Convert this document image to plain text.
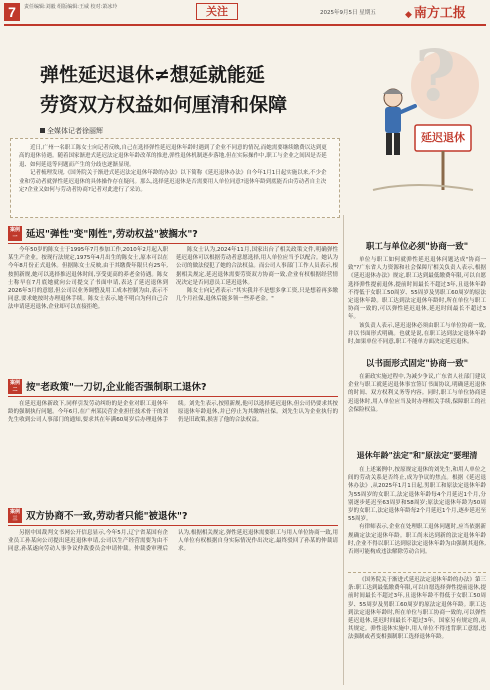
7	责任编辑:刘毅 组版编辑:王威 校对:萧冰玲	关注	2025年9月5日 星期五	◆ 南方工报
弹性延迟退休≠想延就能延
劳资双方权益如何厘清和保障
全媒体记者徐丽辉
?
延迟退休

近日,广州一名职工陈女士向记者反映,自己在选择弹性延迟退休年龄时遇到了企业不同意的情况,而她需要继续缴费以达到更高的退休待遇。随着国家渐进式延迟法定退休年龄改革的推进,弹性退休机制逐步落地,但在实际操作中,职工与企业之间因是否延退、如何延退等问题而产生的分歧也逐渐显现。

记者梳理发现,《国务院关于渐进式延迟法定退休年龄的办法》以下简称《延迟退休办法》自今年1月1日起实施以来,不少企业和劳动者就弹性延迟退休的具体操作存在疑问。那么,选择延迟退休是否需要用人单位同意?退休年龄到底能否由劳动者自主决定?企业又如何与劳动者协商?记者对此进行了采访。

案例一 延迟"弹性"变"刚性",劳动权益"被搁水"?

今年50岁的陈女士于1995年7月参加工作,2010年2月起入职某生产企业。按现行法规定,1975年4月出生的陈女士,原本可以在今年8月份正式退休。但据陈女士反映,由于其缴费年限只有25年,按照新规,她可以选择推迟退休时间,享受更高的养老金待遇。陈女士称早在7月底她就向公司提交了书面申请,表达了延迟退休到2026年3月的意愿,但公司以业务调整及用工成本控制为由,表示不同意,要求她按时办理退休手续。陈女士表示,她不明白为何自己合法申请延迟退休,企业却可以直接拒绝。

陈女士认为,2024年11月,国家出台了相关政策文件,明确弹性延迟退休可以根据劳动者意愿选择,用人单位应当予以配合。她认为公司的做法侵犯了她的合法权益。而公司人事部门工作人员表示,根据相关规定,延迟退休需要劳资双方协商一致,企业有权根据经营情况决定是否同意员工延迟退休。

陈女士向记者表示:"其实我并不是想多拿工资,只是想着再多缴几个月社保,退休后能多领一些养老金。"

案例二 按"老政策"一刀切,企业能否强制职工退休?

在延迟退休新政下,同样引发劳动纠纷的是企业对职工退休年龄的强制执行问题。今年6月,在广州某民营企业担任技术骨干的刘先生收到公司人事部门的通知,要求其在年满60周岁后办理退休手续。刘先生表示,按照新规,他可以选择延迟退休,但公司仍要求其按原退休年龄退休,并已停止为其缴纳社保。刘先生认为企业执行的仍是旧政策,损害了他的合法权益。

案例三 双方协商不一致,劳动者只能"被退休"?

另据中国裁判文书网公开信息显示,今年5月,辽宁省某国有企业员工孙某向公司提出延迟退休申请,公司以生产经营需要为由不同意,孙某遂向劳动人事争议仲裁委员会申请仲裁。仲裁委审理后认为,根据相关规定,弹性延迟退休需要职工与用人单位协商一致,用人单位有权根据自身实际情况作出决定,最终驳回了孙某的仲裁请求。

职工与单位必须"协商一致"

单位与职工如何就弹性延迟退休问题达成"协商一致"?广东省人力资源和社会保障厅相关负责人表示,根据《延迟退休办法》规定,职工达到最低缴费年限,可以自愿选择弹性提前退休,提前时间最长不超过3年,且退休年龄不得低于女职工50周岁、55周岁及男职工60周岁的原法定退休年龄。职工达到法定退休年龄时,所在单位与职工协商一致的,可以弹性延迟退休,延迟时间最长不超过3年。

该负责人表示,延迟退休必须由职工与单位协商一致,并以书面形式明确。也就是说,在职工达到法定退休年龄时,如果单位不同意,职工不能单方面决定延迟退休。

以书面形式固定"协商一致"

在新政实施过程中,为减少争议,广东省人社部门建议企业与职工就延迟退休事宜签订书面协议,明确延迟退休的时间、双方权利义务等内容。同时,职工与单位协商延迟退休时,用人单位应当及时办理相关手续,保障职工的社会保险权益。

退休年龄"法定"和"原法定"要理清

在上述案例中,按原规定退休的刘先生,和用人单位之间的劳动关系是否终止,成为争议的焦点。根据《延迟退休办法》,从2025年1月1日起,男职工和原法定退休年龄为55周岁的女职工,法定退休年龄每4个月延迟1个月,分别逐步延迟至63周岁和58周岁;原法定退休年龄为50周岁的女职工,法定退休年龄每2个月延迟1个月,逐步延迟至55周岁。

有律师表示,企业在处理职工退休问题时,应当依据新规确定法定退休年龄。职工尚未达到新的法定退休年龄时,企业不得以职工达到原法定退休年龄为由强制其退休,否则可能构成违法解除劳动合同。

《国务院关于渐进式延迟法定退休年龄的办法》第三条:职工达到最低缴费年限,可以自愿选择弹性提前退休,提前时间最长不超过3年,且退休年龄不得低于女职工50周岁、55周岁及男职工60周岁的原法定退休年龄。职工达到法定退休年龄时,所在单位与职工协商一致的,可以弹性延迟退休,延迟时间最长不超过3年。国家另有规定的,从其规定。弹性退休实施中,用人单位不得违背职工意愿,违法强制或者变相强制职工选择退休年龄。
